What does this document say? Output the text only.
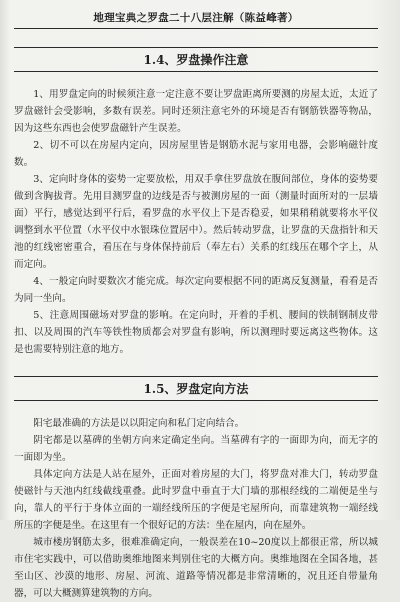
地理宝典之罗盘二十八层注解（陈益峰著）
1.4、罗盘操作注意

1、用罗盘定向的时候须注意一定注意不要让罗盘距离所要测的房屋太近，太近了罗盘磁针会受影响，多数有误差。同时还须注意宅外的环境是否有钢筋铁器等物品，因为这些东西也会使罗盘磁针产生误差。

2、切不可以在房屋内定向，因房屋里皆是钢筋水泥与家用电器，会影响磁针度数。

3、定向时身体的姿势一定要放松，用双手拿住罗盘放在腹间部位，身体的姿势要做到含胸拔背。先用目测罗盘的边线是否与被测房屋的一面（测量时面所对的一层墙面）平行，感觉达到平行后，看罗盘的水平仪上下是否稳妥，如果稍稍就要将水平仪调整到水平位置（水平仪中水银珠位置居中）。然后转动罗盘，让罗盘的天盘指针和天池的红线密密重合，看压在与身体保持前后（奉左右）关系的红线压在哪个字上，从而定向。

4、一般定向时要数次才能完成。每次定向要根据不同的距离反复测量，看看是否为同一坐向。

5、注意周围磁场对罗盘的影响。在定向时，开着的手机、腰间的铁制钢制皮带扣、以及周围的汽车等铁性物质都会对罗盘有影响，所以测理时要远离这些物体。这是也需要特别注意的地方。

1.5、罗盘定向方法

阳宅最准确的方法是以以阳定向和私门定向结合。

阴宅都是以墓碑的坐朝方向来定确定坐向。当墓碑有字的一面即为向，而无字的一面即为坐。

具体定向方法是人站在屋外，正面对着房屋的大门，将罗盘对准大门，转动罗盘使磁针与天池内红线截线重叠。此时罗盘中垂直于大门墙的那根经线的二端便是坐与向，靠人的平行于身体立面的一端经线所压的字便是宅屋所向，而靠建筑物一端经线所压的字便是坐。在这里有一个很好记的方法：坐在屋内，向在屋外。

城市楼房钢筋太多，很难准确定向，一般误差在10~20度以上都很正常，所以城市住宅实践中，可以借助奥维地图来判别住宅的大概方向。奥维地图在全国各地，甚至山区、沙漠的地形、房屋、河流、道路等情况都是非常清晰的，况且还自带量角器，可以大概测算建筑物的方向。
